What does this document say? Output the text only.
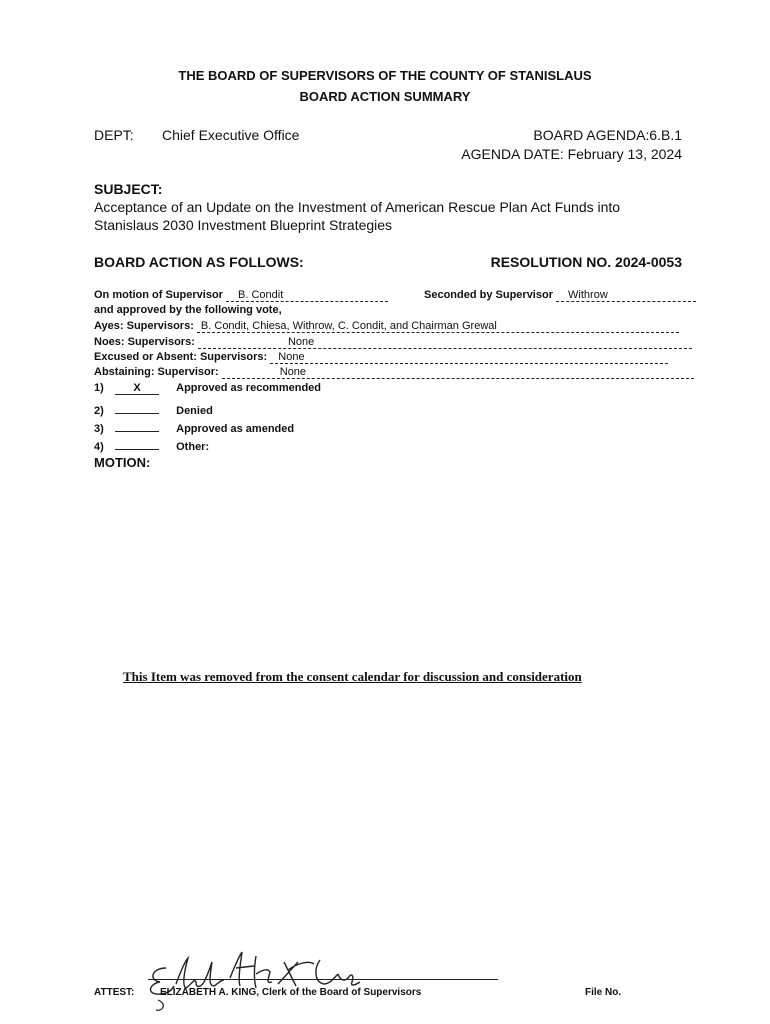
THE BOARD OF SUPERVISORS OF THE COUNTY OF STANISLAUS
BOARD ACTION SUMMARY
DEPT: Chief Executive Office	BOARD AGENDA:6.B.1
AGENDA DATE: February 13, 2024
SUBJECT:
Acceptance of an Update on the Investment of American Rescue Plan Act Funds into
Stanislaus 2030 Investment Blueprint Strategies
BOARD ACTION AS FOLLOWS:	RESOLUTION NO. 2024-0053
On motion of Supervisor B. Condit	Seconded by Supervisor Withrow
and approved by the following vote,
Ayes: Supervisors: B. Condit, Chiesa, Withrow, C. Condit, and Chairman Grewal
Noes: Supervisors:	None
Excused or Absent: Supervisors: None
Abstaining: Supervisor:	None
1)	X	Approved as recommended
2)	Denied
3)	Approved as amended
4)	Other:
MOTION:
This Item was removed from the consent calendar for discussion and consideration
ATTEST:	ELIZABETH A. KING, Clerk of the Board of Supervisors	File No.
